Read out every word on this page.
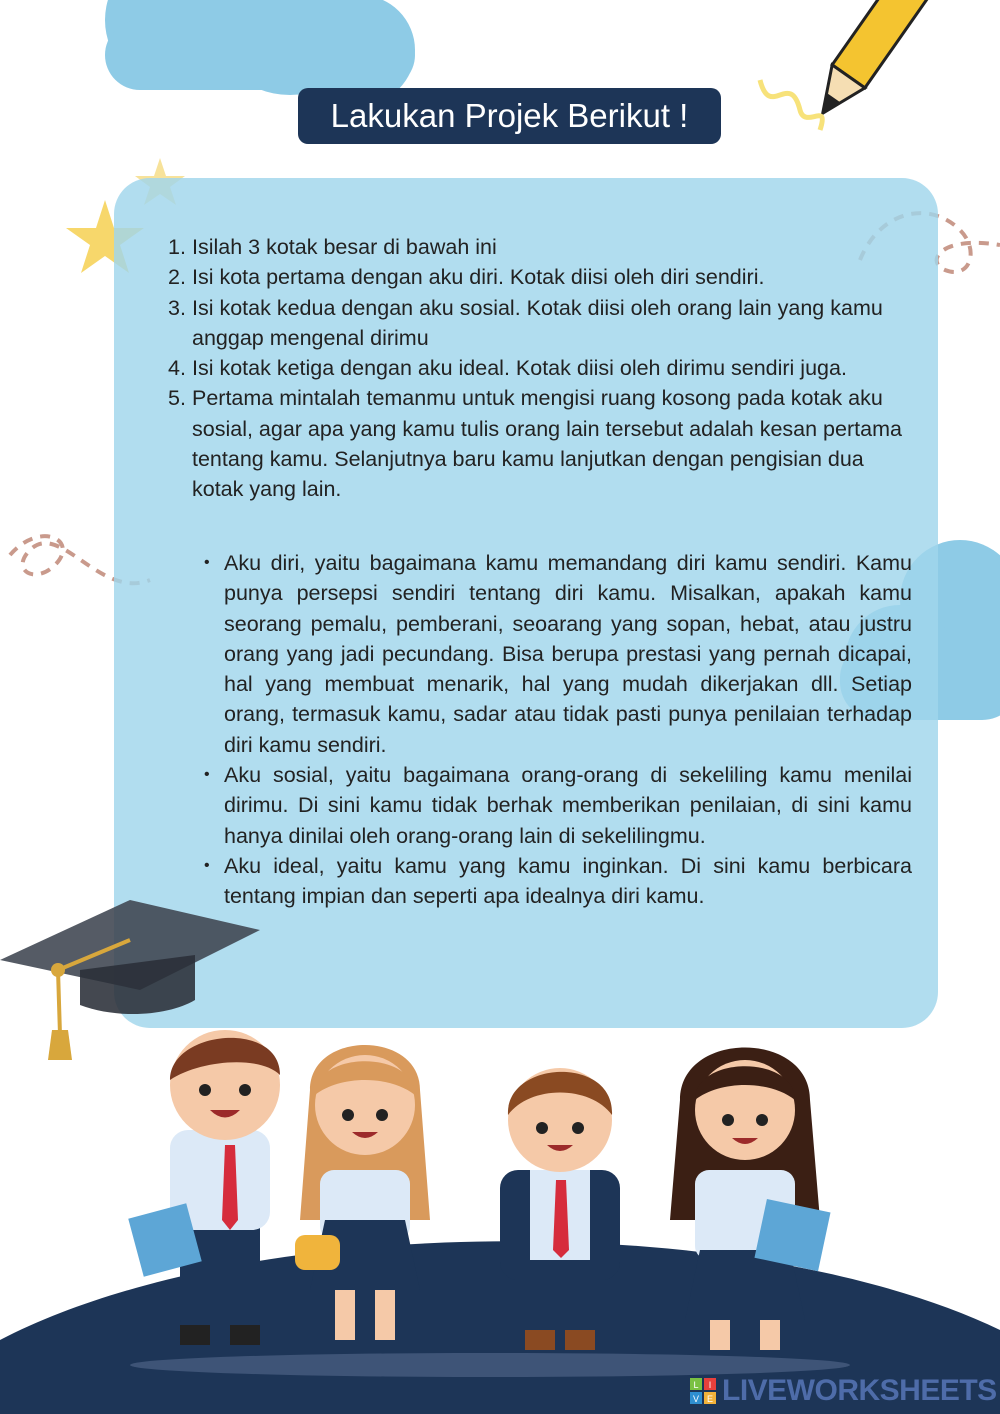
Lakukan Projek Berikut !
1. Isilah 3 kotak besar di bawah ini
2. Isi kota pertama dengan aku diri. Kotak diisi oleh diri sendiri.
3. Isi kotak kedua dengan aku sosial. Kotak diisi oleh orang lain yang kamu anggap mengenal dirimu
4. Isi kotak ketiga dengan aku ideal. Kotak diisi oleh dirimu sendiri juga.
5. Pertama mintalah temanmu untuk mengisi ruang kosong pada kotak aku sosial, agar apa yang kamu tulis orang lain tersebut adalah kesan pertama tentang kamu. Selanjutnya baru kamu lanjutkan dengan pengisian dua kotak yang lain.
• Aku diri, yaitu bagaimana kamu memandang diri kamu sendiri. Kamu punya persepsi sendiri tentang diri kamu. Misalkan, apakah kamu seorang pemalu, pemberani, seoarang yang sopan, hebat, atau justru orang yang jadi pecundang. Bisa berupa prestasi yang pernah dicapai, hal yang membuat menarik, hal yang mudah dikerjakan dll. Setiap orang, termasuk kamu, sadar atau tidak pasti punya penilaian terhadap diri kamu sendiri.
• Aku sosial, yaitu bagaimana orang-orang di sekeliling kamu menilai dirimu. Di sini kamu tidak berhak memberikan penilaian, di sini kamu hanya dinilai oleh orang-orang lain di sekelilingmu.
• Aku ideal, yaitu kamu yang kamu inginkan. Di sini kamu berbicara tentang impian dan seperti apa idealnya diri kamu.
L I
V E LIVEWORKSHEETS
